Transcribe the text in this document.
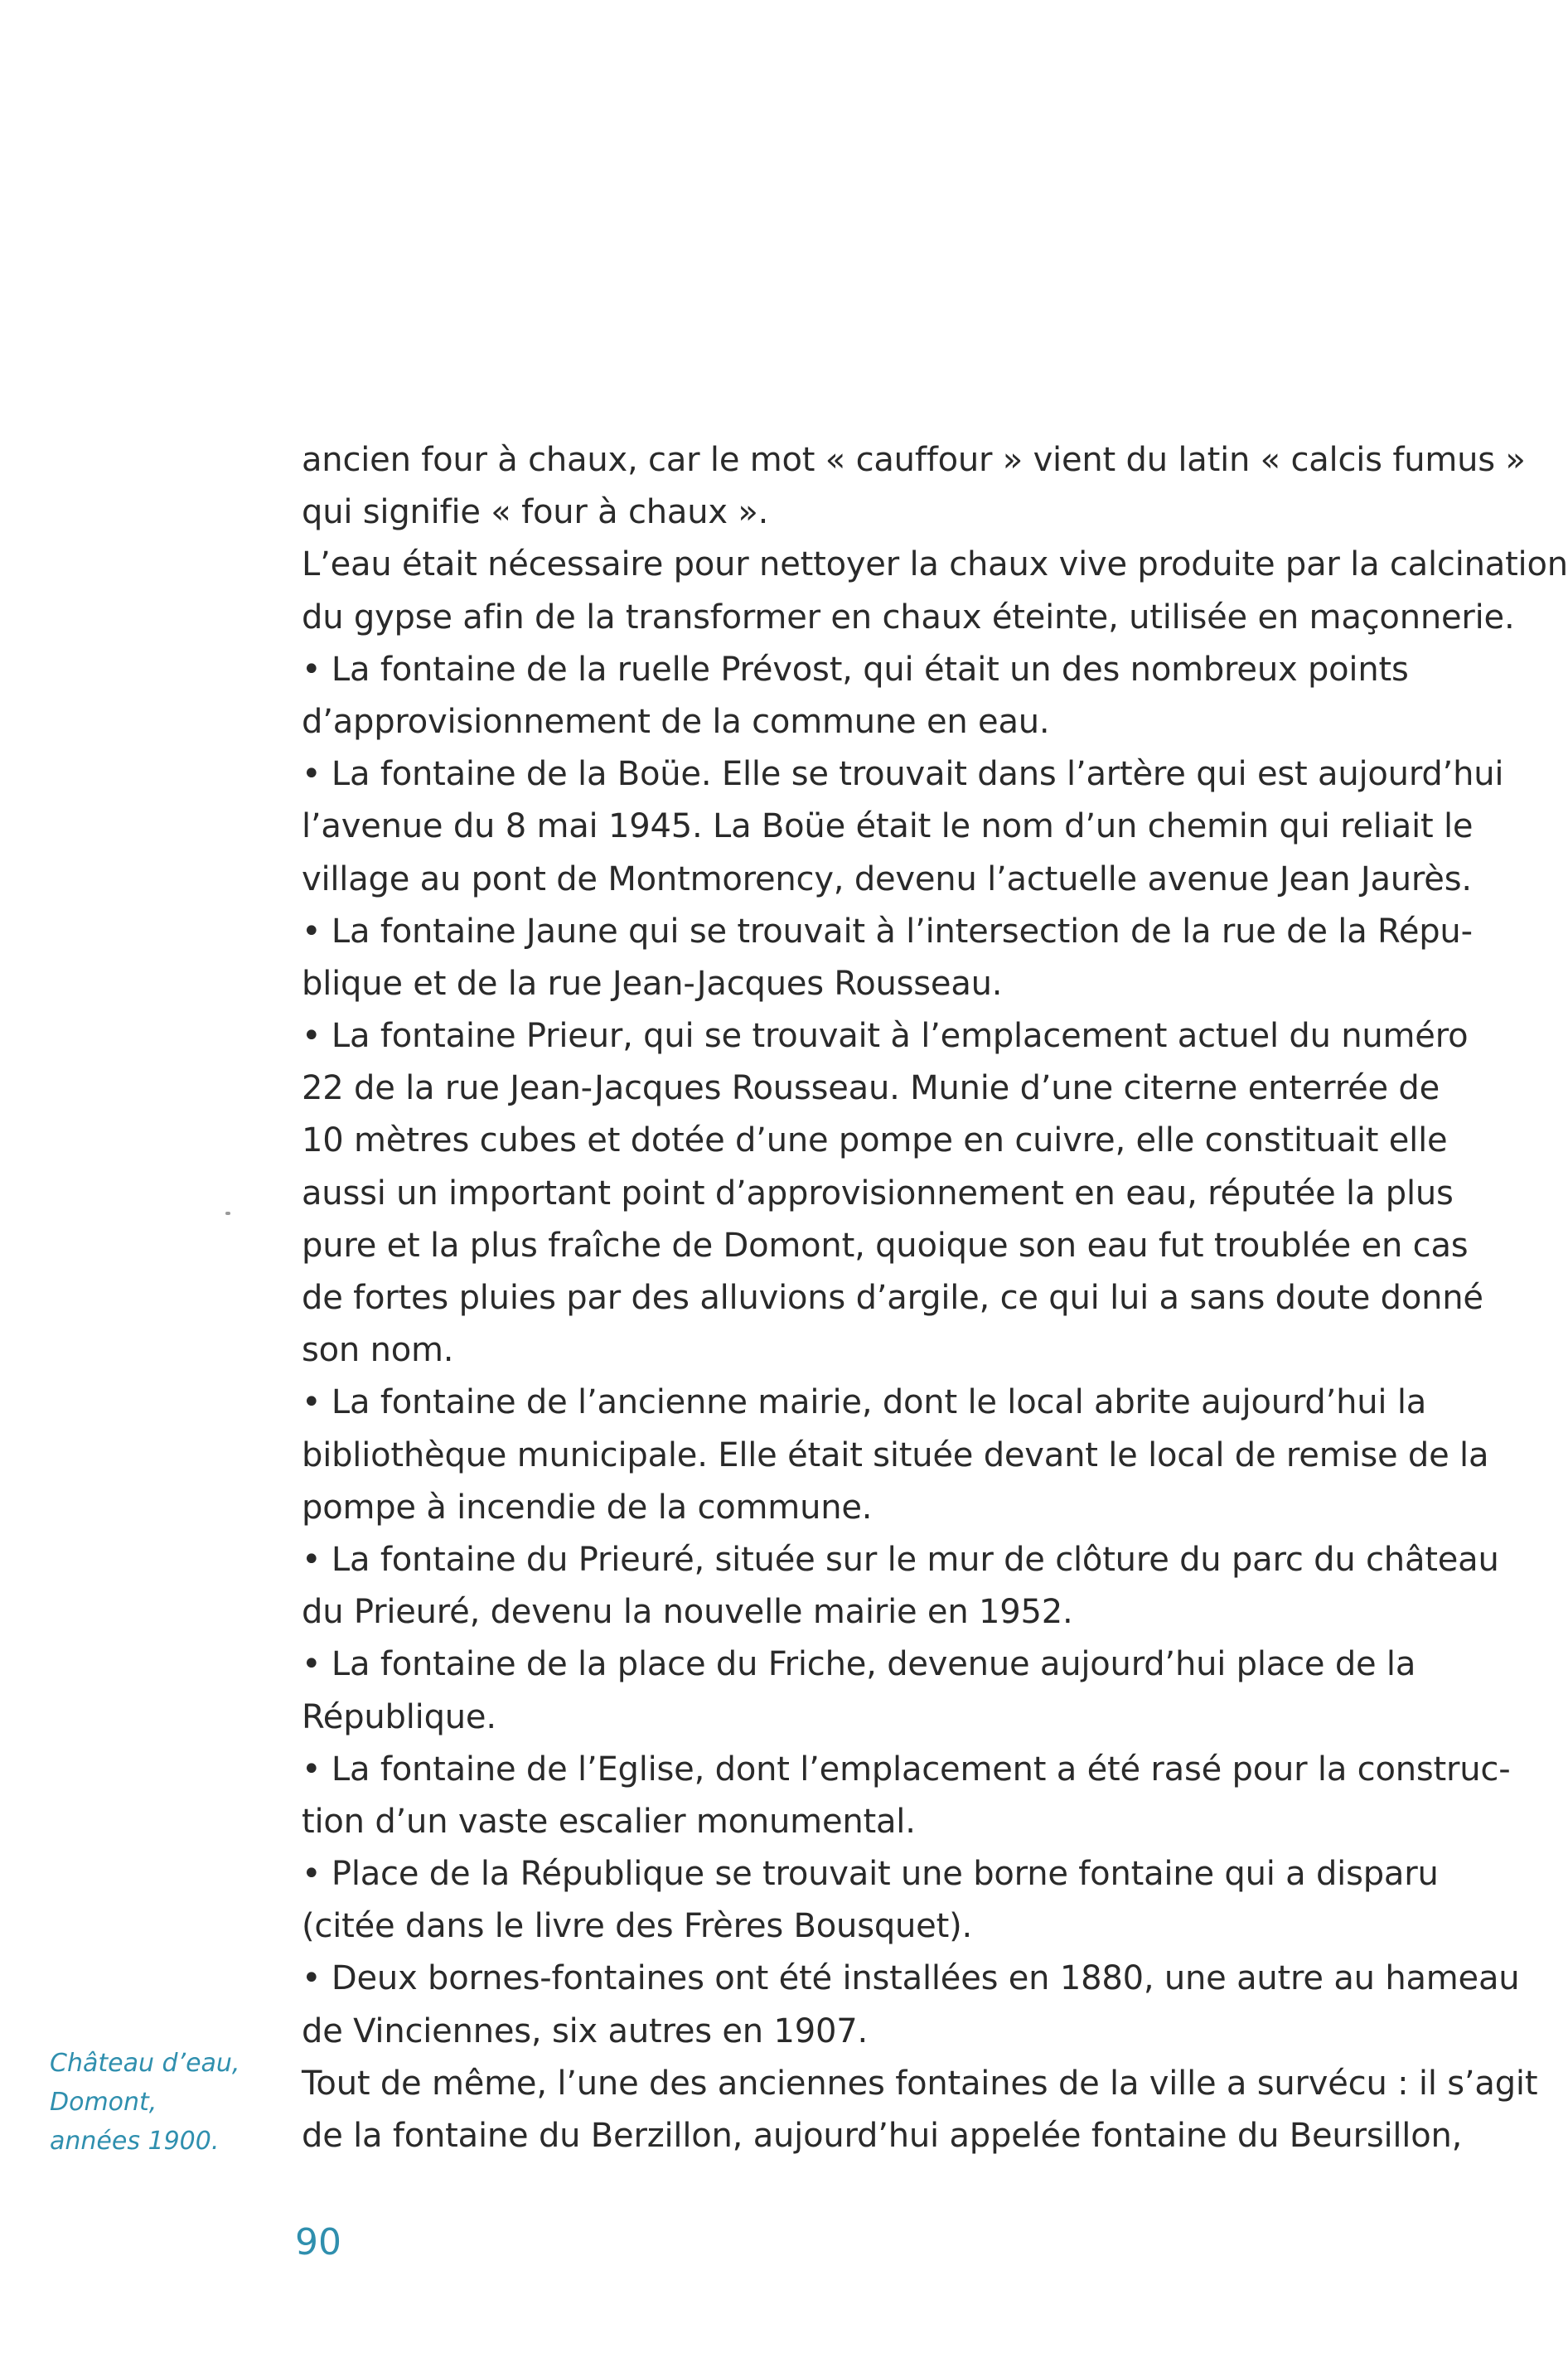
ancien four à chaux, car le mot « cauffour » vient du latin « calcis fumus »
qui signifie « four à chaux ».
L’eau était nécessaire pour nettoyer la chaux vive produite par la calcination
du gypse afin de la transformer en chaux éteinte, utilisée en maçonnerie.
• La fontaine de la ruelle Prévost, qui était un des nombreux points
d’approvisionnement de la commune en eau.
• La fontaine de la Boüe. Elle se trouvait dans l’artère qui est aujourd’hui
l’avenue du 8 mai 1945. La Boüe était le nom d’un chemin qui reliait le
village au pont de Montmorency, devenu l’actuelle avenue Jean Jaurès.
• La fontaine Jaune qui se trouvait à l’intersection de la rue de la Répu-
blique et de la rue Jean-Jacques Rousseau.
• La fontaine Prieur, qui se trouvait à l’emplacement actuel du numéro
22 de la rue Jean-Jacques Rousseau. Munie d’une citerne enterrée de
10 mètres cubes et dotée d’une pompe en cuivre, elle constituait elle
aussi un important point d’approvisionnement en eau, réputée la plus
pure et la plus fraîche de Domont, quoique son eau fut troublée en cas
de fortes pluies par des alluvions d’argile, ce qui lui a sans doute donné
son nom.
• La fontaine de l’ancienne mairie, dont le local abrite aujourd’hui la
bibliothèque municipale. Elle était située devant le local de remise de la
pompe à incendie de la commune.
• La fontaine du Prieuré, située sur le mur de clôture du parc du château
du Prieuré, devenu la nouvelle mairie en 1952.
• La fontaine de la place du Friche, devenue aujourd’hui place de la
République.
• La fontaine de l’Eglise, dont l’emplacement a été rasé pour la construc-
tion d’un vaste escalier monumental.
• Place de la République se trouvait une borne fontaine qui a disparu
(citée dans le livre des Frères Bousquet).
• Deux bornes-fontaines ont été installées en 1880, une autre au hameau
de Vinciennes, six autres en 1907.
Tout de même, l’une des anciennes fontaines de la ville a survécu : il s’agit
de la fontaine du Berzillon, aujourd’hui appelée fontaine du Beursillon,
Château d’eau,
Domont,
années 1900.
90
